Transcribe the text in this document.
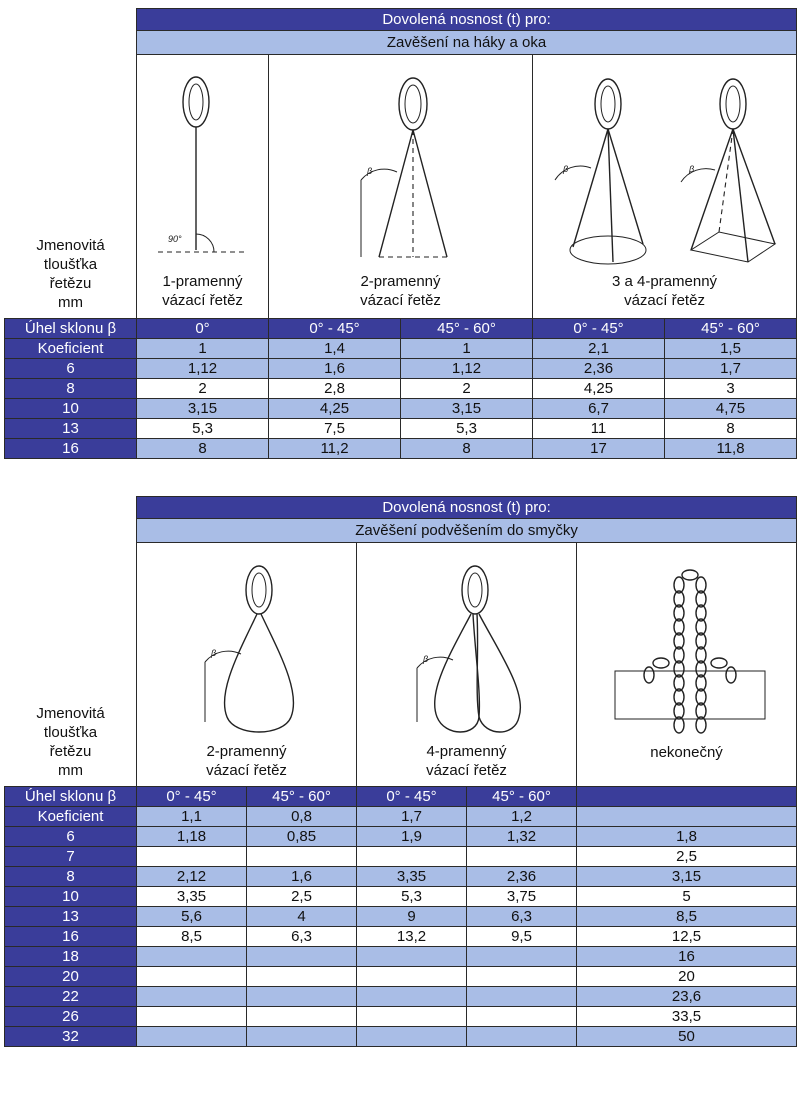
Jmenovitá
tloušťka
řetězu
mm	Dovolená nosnost (t) pro:				
	Zavěšení na háky a oka				

90°
1-pramenný
vázací řetěz	β
2-pramenný
vázací řetěz		β β
3 a 4-pramenný
vázací řetěz	

Úhel sklonu β	0°	0° - 45°	45° - 60°	0° - 45°	45° - 60°
Koeficient	1	1,4	1	2,1	1,5
6	1,12	1,6	1,12	2,36	1,7
8	2	2,8	2	4,25	3
10	3,15	4,25	3,15	6,7	4,75
13	5,3	7,5	5,3	11	8
16	8	11,2	8	17	11,8
Jmenovitá
tloušťka
řetězu
mm	Dovolená nosnost (t) pro:				
	Zavěšení podvěšením do smyčky				

β
2-pramenný
vázací řetěz		β
4-pramenný
vázací řetěz		nekonečný

Úhel sklonu β	0° - 45°	45° - 60°	0° - 45°	45° - 60°	
Koeficient	1,1	0,8	1,7	1,2	
6	1,18	0,85	1,9	1,32	1,8
7					2,5
8	2,12	1,6	3,35	2,36	3,15
10	3,35	2,5	5,3	3,75	5
13	5,6	4	9	6,3	8,5
16	8,5	6,3	13,2	9,5	12,5
18					16
20					20
22					23,6
26					33,5
32					50
